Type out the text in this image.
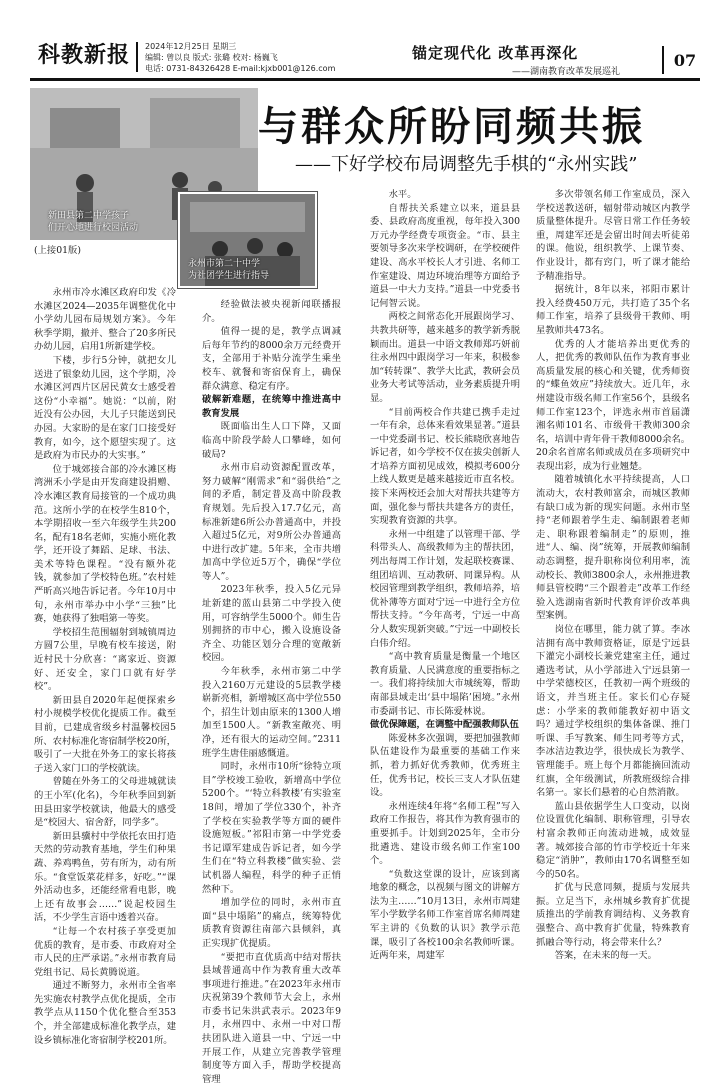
科教新报 2024年12月25日 星期三
编辑: 曾以良 版式: 张璐 校对: 杨巍飞
电话: 0731-84326428 E-mail:kjxb001@126.com
锚定现代化 改革再深化
——湖南教育改革发展巡礼
07
新田县第二中学孩子
们开心地进行校园活动
永州市第二十中学
为社团学生进行指导
与群众所盼同频共振
——下好学校布局调整先手棋的“永州实践”

(上接01版)

永州市冷水滩区政府印发《冷水滩区2024—2035年调整优化中小学幼儿园布局规划方案》。今年秋季学期，撤并、整合了20多所民办幼儿园，启用1所新建学校。

下楼，步行5分钟，就把女儿送进了银象幼儿园，这个学期，冷水滩区河西片区居民黄女士感受着这份“小幸福”。她说：“以前，附近没有公办园，大儿子只能送到民办园。大家盼的是在家门口接受好教育，如今，这个愿望实现了。这是政府为市民办的大实事。”

位于城郊接合部的冷水滩区梅湾洲禾小学是由开发商建设捐赠、冷水滩区教育局接管的一个成功典范。这所小学的在校学生810个，本学期招收一至六年级学生共200名，配有18名老师，实施小班化教学，还开设了舞蹈、足球、书法、美术等特色课程。“没有额外花钱，就参加了学校特色班。”农村娃严昕高兴地告诉记者。今年10月中旬，永州市举办中小学“三独”比赛，她获得了独唱第一等奖。

学校招生范围辐射到城镇周边方圆7公里，早晚有校车接送，附近村民十分欣喜：“离家近、资源好、还安全，家门口就有好学校”。

新田县自2020年起便探索乡村小规模学校优化提质工作。截至目前，已建成省级乡村温馨校园5所、农村标准化寄宿制学校20所，吸引了一大批在外务工的家长将孩子送入家门口的学校就读。

曾随在外务工的父母进城就读的王小军(化名)，今年秋季回到新田县田家学校就读，他最大的感受是“校园大、宿舍舒，同学多”。

新田县骥村中学依托农田打造天然的劳动教育基地，学生们种果蔬、养鸡鸭鱼，劳有所为，动有所乐。“食堂饭菜花样多，好吃。”“课外活动也多，还能经常看电影，晚上还有故事会……”说起校园生活，不少学生言语中透着兴奋。

“让每一个农村孩子享受更加优质的教育，是市委、市政府对全市人民的庄严承诺。”永州市教育局党组书记、局长黄腾说道。

通过不断努力，永州市全省率先实施农村教学点优化提质，全市教学点从1150个优化整合至353个，并全部建成标准化教学点，建设乡镇标准化寄宿制学校201所。

经验做法被央视新闻联播报介。

值得一提的是，教学点调减后每年节约的8000余万元经费开支，全部用于补贴分流学生乘坐校车、就餐和寄宿保育上，确保群众满意、稳定有序。

破解新难题，在统筹中推进高中教育发展

既面临出生人口下降，又面临高中阶段学龄人口攀峰，如何破局?

永州市启动资源配置改革，努力破解“刚需求”和“弱供给”之间的矛盾，制定普及高中阶段教育规划。先后投入17.7亿元，高标准新建6所公办普通高中，并投入超过5亿元，对9所公办普通高中进行改扩建。5年来，全市共增加高中学位近5万个，确保“学位等人”。

2023年秋季，投入5亿元异址新建的蓝山县第二中学投入使用，可容纳学生5000个。师生告别拥挤的市中心，搬入设施设备齐全、功能区划分合理的宽敞新校园。

今年秋季，永州市第二中学投入2160万元建设的5层教学楼崭新亮相，新增城区高中学位550个，招生计划由原来的1300人增加至1500人。“新教室敞亮、明净，还有很大的运动空间。”2311班学生唐佳丽感慨道。

同时，永州市10所“徐特立项目”学校竣工验收，新增高中学位5200个。“‘特立科教楼’有实验室18间，增加了学位330个，补齐了学校在实验教学等方面的硬件设施短板。”祁阳市第一中学党委书记谭军建成告诉记者，如今学生们在“特立科教楼”做实验、尝试机器人编程，科学的种子正悄然种下。

增加学位的同时，永州市直面“县中塌陷”的痛点，统筹特优质教育资源往南部六县倾斜，真正实现扩优提质。

“要把市直优质高中结对帮扶县域普通高中作为教育重大改革事项进行推进。”在2023年永州市庆祝第39个教师节大会上，永州市委书记朱洪武表示。2023年9月，永州四中、永州一中对口帮扶团队进入道县一中、宁远一中开展工作，从建立完善教学管理制度等方面入手，帮助学校提高管理

水平。

自帮扶关系建立以来，道县县委、县政府高度重视，每年投入300万元办学经费专项资金。“市、县主要领导多次来学校调研，在学校硬件建设、高水平校长人才引进、名师工作室建设、周边环境治理等方面给予道县一中大力支持。”道县一中党委书记何智云说。

两校之间常态化开展跟岗学习、共教共研等，越来越多的教学新秀脱颖而出。道县一中语文教师郑巧妍前往永州四中跟岗学习一年来，积极参加“转转课”、教学大比武，教研会员业务大考试等活动，业务素质提升明显。

“目前两校合作共建已携手走过一年有余，总体来看效果显著。”道县一中党委副书记、校长熊晓欣喜地告诉记者，如今学校不仅在拔尖创新人才培养方面初见成效，模拟考600分上线人数更是越来越接近市直名校。接下来两校还会加大对帮扶共建等方面，强化参与帮扶共建各方的责任，实现教育资源的共享。

永州一中组建了以管理干部、学科带头人、高级教师为主的帮扶团，列出每周工作计划，发起联校赛课、组团培训、互动教研、同课异构。从校园管理到教学组织，教师培养，培优补薄等方面对宁远一中进行全方位帮扶支持。“今年高考，宁远一中高分人数实现新突破。”宁远一中副校长白伟介绍。

“高中教育质量是衡量一个地区教育质量、人民满意度的重要指标之一。我们将持续加大市城统筹，帮助南部县域走出‘县中塌陷’困境。”永州市委副书记、市长陈爱林说。

做优保障题，在调整中配强教师队伍

陈爱林多次强调，要把加强教师队伍建设作为最重要的基础工作来抓，着力抓好优秀教师，优秀班主任，优秀书记，校长三支人才队伍建设。

永州连续4年将“名师工程”写入政府工作报告，将其作为教育强市的重要抓手。计划到2025年，全市分批遴选、建设市级名师工作室100个。

“负数这堂课的设计，应该到离地象的概念，以视频与图文的讲解方法为主……”10月13日，永州市周建军小学数学名师工作室首席名师周建军主讲的《负数的认识》教学示范课，吸引了各校100余名教师听课。近两年来，周建军

多次带领名师工作室成员，深入学校送教送研，辐射带动城区内教学质量整体提升。尽管日常工作任务较重，周建军还是会留出时间去听徒弟的课。他说，组织教学、上课节奏、作业设计，都有窍门，听了课才能给予精准指导。

据统计，8年以来，祁阳市累计投入经费450万元，共打造了35个名师工作室，培养了县级骨干教师、明星教师共473名。

优秀的人才能培养出更优秀的人，把优秀的教师队伍作为教育事业高质量发展的核心和关键，优秀师资的“蝶鱼效应”持续放大。近几年，永州建设市级名师工作室56个，县级名师工作室123个，评选永州市首届潇湘名师101名、市级骨干教师300余名，培训中青年骨干教师8000余名。20余名首席名师或成员在多项研究中表现出彩，成为行业翘楚。

随着城镇化水平持续提高，人口流动大，农村教师富余，而城区教师有缺口成为新的现实问题。永州市坚持“老师跟着学生走、编制跟着老师走、职称跟着编制走”的原则，推进“人、编、岗”统筹，开展教师编制动态调整，提升职称岗位利用率，流动校长、教师3800余人，永州推进教师县管校聘“三个跟着走”改革工作经验入选湖南省新时代教育评价改革典型案例。

岗位在哪里，能力就了算。李冰洁拥有高中教师资格证，原是宁远县下灌完小副校长兼党建室主任，通过遴选考试，从小学部进入宁远县第一中学荣德校区，任教初一两个班级的语文，并当班主任。家长们心存疑虑：小学来的教师能教好初中语文吗？通过学校组织的集体备课、推门听课、手写教案、师生同考等方式，李冰洁边教边学，很快成长为教学、管理能手。班上每个月都能摘回流动红旗，全年级测试，所教班级综合排名第一。家长们悬着的心自然消散。

蓝山县依据学生人口变动，以岗位设置优化编制、职称管理，引导农村富余教师正向流动进城，成效显著。城郊接合部的竹市学校近十年来稳定“消肿”，教师由170名调整至如今的50名。

扩优与民意同频，提质与发展共振。立足当下，永州城乡教育扩优提质推出的学前教育调结构、义务教育强整合、高中教育扩优量，特殊教育抓融合等行动，将会带来什么？

答案，在未来的每一天。
